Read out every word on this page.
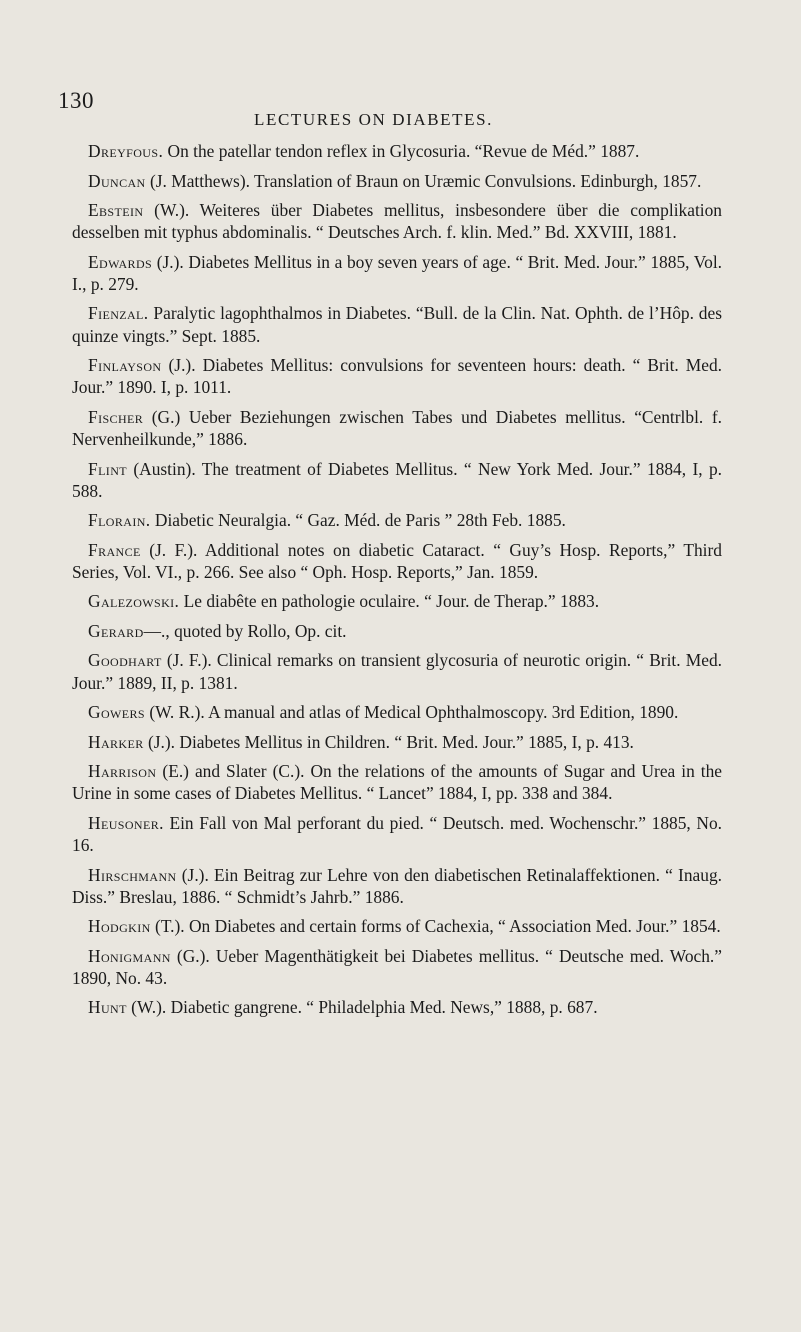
130
LECTURES ON DIABETES.

Dreyfous. On the patellar tendon reflex in Glycosuria. “Revue de Méd.” 1887.

Duncan (J. Matthews). Translation of Braun on Uræmic Convulsions. Edinburgh, 1857.

Ebstein (W.). Weiteres über Diabetes mellitus, insbesondere über die complikation desselben mit typhus abdominalis. “ Deutsches Arch. f. klin. Med.” Bd. XXVIII, 1881.

Edwards (J.). Diabetes Mellitus in a boy seven years of age. “ Brit. Med. Jour.” 1885, Vol. I., p. 279.

Fienzal. Paralytic lagophthalmos in Diabetes. “Bull. de la Clin. Nat. Ophth. de l’Hôp. des quinze vingts.” Sept. 1885.

Finlayson (J.). Diabetes Mellitus: convulsions for seventeen hours: death. “ Brit. Med. Jour.” 1890. I, p. 1011.

Fischer (G.) Ueber Beziehungen zwischen Tabes und Diabetes mellitus. “Centrlbl. f. Nervenheilkunde,” 1886.

Flint (Austin). The treatment of Diabetes Mellitus. “ New York Med. Jour.” 1884, I, p. 588.

Florain. Diabetic Neuralgia. “ Gaz. Méd. de Paris ” 28th Feb. 1885.

France (J. F.). Additional notes on diabetic Cataract. “ Guy’s Hosp. Reports,” Third Series, Vol. VI., p. 266. See also “ Oph. Hosp. Reports,” Jan. 1859.

Galezowski. Le diabête en pathologie oculaire. “ Jour. de Therap.” 1883.

Gerard—., quoted by Rollo, Op. cit.

Goodhart (J. F.). Clinical remarks on transient glycosuria of neurotic origin. “ Brit. Med. Jour.” 1889, II, p. 1381.

Gowers (W. R.). A manual and atlas of Medical Ophthalmoscopy. 3rd Edition, 1890.

Harker (J.). Diabetes Mellitus in Children. “ Brit. Med. Jour.” 1885, I, p. 413.

Harrison (E.) and Slater (C.). On the relations of the amounts of Sugar and Urea in the Urine in some cases of Diabetes Mellitus. “ Lancet” 1884, I, pp. 338 and 384.

Heusoner. Ein Fall von Mal perforant du pied. “ Deutsch. med. Wochenschr.” 1885, No. 16.

Hirschmann (J.). Ein Beitrag zur Lehre von den diabetischen Retinalaffektionen. “ Inaug. Diss.” Breslau, 1886. “ Schmidt’s Jahrb.” 1886.

Hodgkin (T.). On Diabetes and certain forms of Cachexia, “ Association Med. Jour.” 1854.

Honigmann (G.). Ueber Magenthätigkeit bei Diabetes mellitus. “ Deutsche med. Woch.” 1890, No. 43.

Hunt (W.). Diabetic gangrene. “ Philadelphia Med. News,” 1888, p. 687.
